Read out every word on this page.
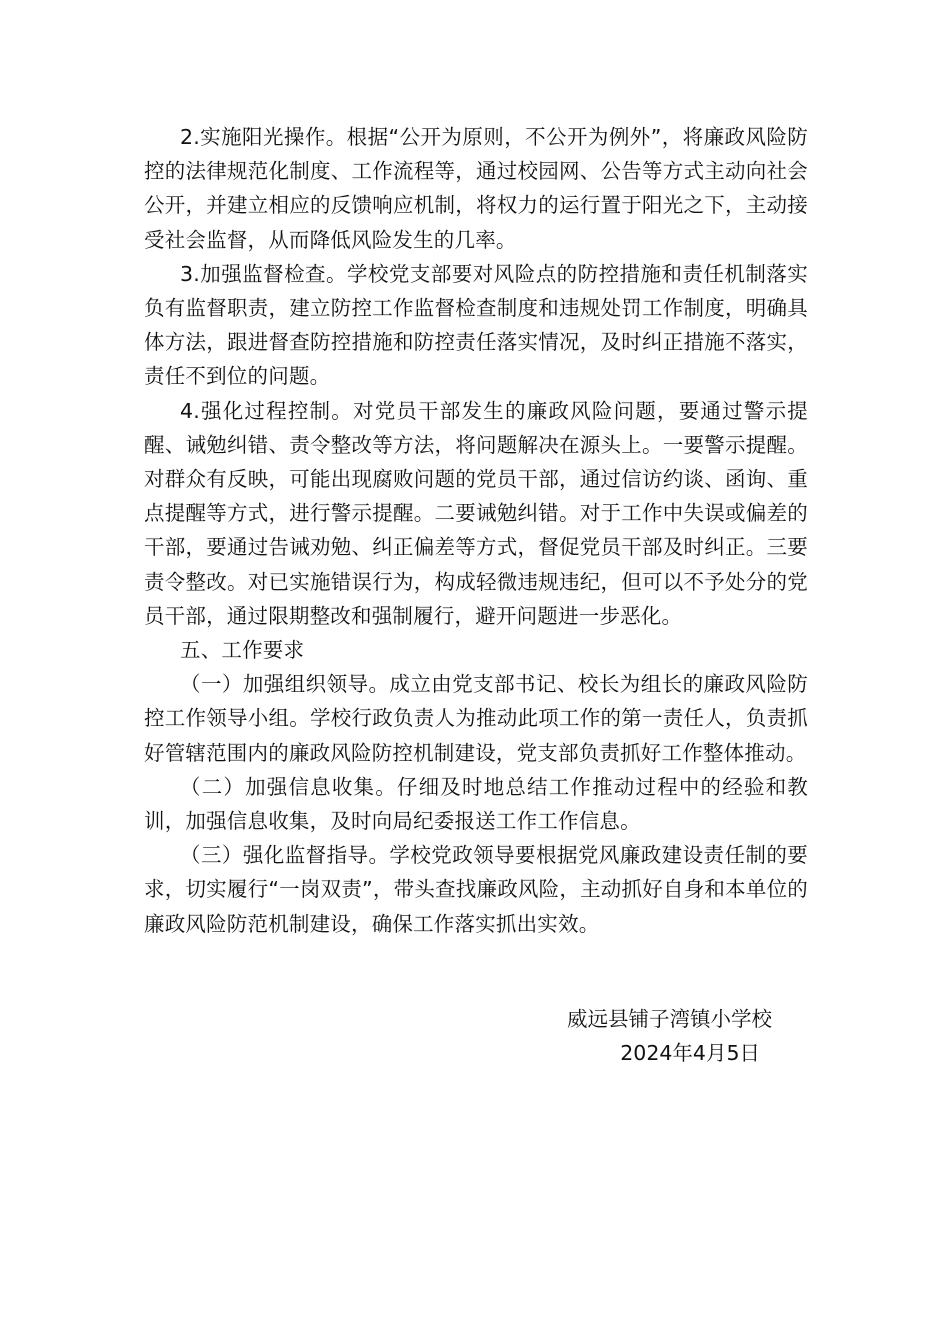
2.实施阳光操作。根据“公开为原则，不公开为例外”，将廉政风险防控的法律规范化制度、工作流程等，通过校园网、公告等方式主动向社会公开，并建立相应的反馈响应机制，将权力的运行置于阳光之下，主动接受社会监督，从而降低风险发生的几率。

3.加强监督检查。学校党支部要对风险点的防控措施和责任机制落实负有监督职责，建立防控工作监督检查制度和违规处罚工作制度，明确具体方法，跟进督查防控措施和防控责任落实情况，及时纠正措施不落实，责任不到位的问题。

4.强化过程控制。对党员干部发生的廉政风险问题，要通过警示提醒、诫勉纠错、责令整改等方法，将问题解决在源头上。一要警示提醒。对群众有反映，可能出现腐败问题的党员干部，通过信访约谈、函询、重点提醒等方式，进行警示提醒。二要诫勉纠错。对于工作中失误或偏差的干部，要通过告诫劝勉、纠正偏差等方式，督促党员干部及时纠正。三要责令整改。对已实施错误行为，构成轻微违规违纪，但可以不予处分的党员干部，通过限期整改和强制履行，避开问题进一步恶化。

五、工作要求

（一）加强组织领导。成立由党支部书记、校长为组长的廉政风险防控工作领导小组。学校行政负责人为推动此项工作的第一责任人，负责抓好管辖范围内的廉政风险防控机制建设，党支部负责抓好工作整体推动。

（二）加强信息收集。仔细及时地总结工作推动过程中的经验和教训，加强信息收集，及时向局纪委报送工作工作信息。

（三）强化监督指导。学校党政领导要根据党风廉政建设责任制的要求，切实履行“一岗双责”，带头查找廉政风险，主动抓好自身和本单位的廉政风险防范机制建设，确保工作落实抓出实效。

威远县铺子湾镇小学校
2024年4月5日
